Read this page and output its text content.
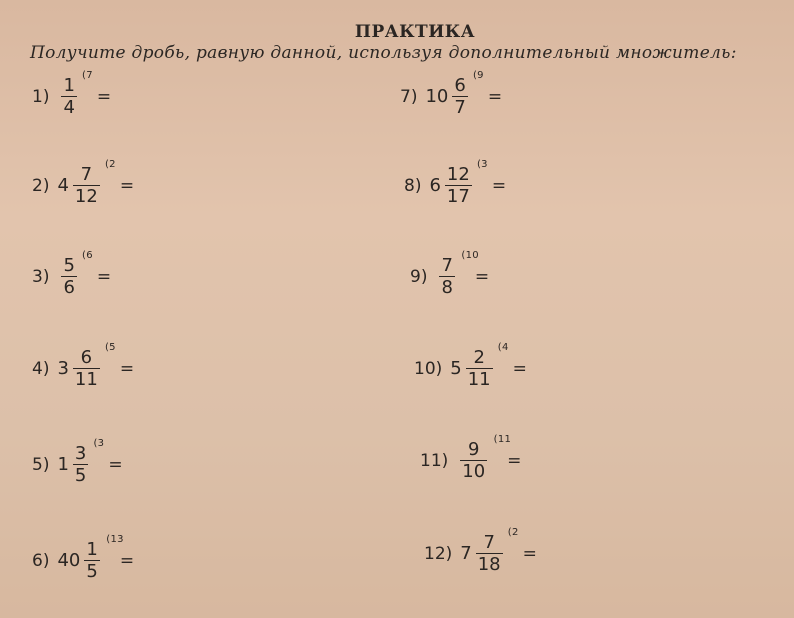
ПРАКТИКА
Получите дробь, равную данной, используя дополнительный множитель:
1)
1
4
(7
=
2) 4
7
12
(2
=
3)
5
6
(6
=
4) 3
6
11
(5
=
5) 1
3
5
(3
=
6) 40
1
5
(13
=
7) 10
6
7
(9
=
8) 6
12
17
(3
=
9)
7
8
(10
=
10) 5
2
11
(4
=
11)
9
10
(11
=
12) 7
7
18
(2
=
